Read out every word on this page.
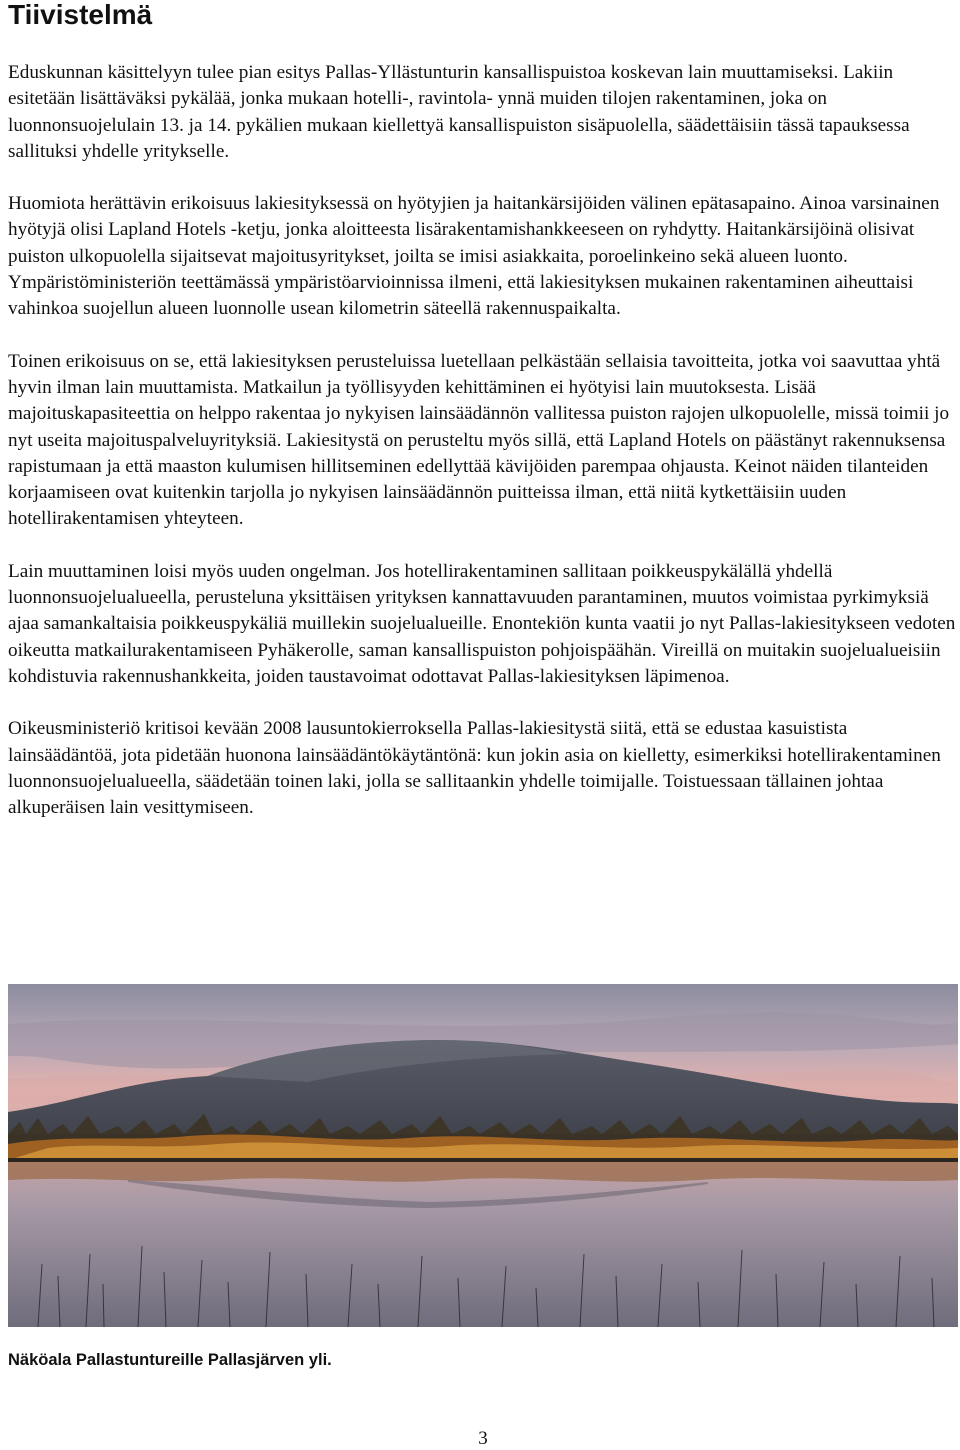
Tiivistelmä

Eduskunnan käsittelyyn tulee pian esitys Pallas-Yllästunturin kansallispuistoa koskevan lain muuttamiseksi. Lakiin esitetään lisättäväksi pykälää, jonka mukaan hotelli-, ravintola- ynnä muiden tilojen rakentaminen, joka on luonnonsuojelulain 13. ja 14. pykälien mukaan kiellettyä kansallispuiston sisäpuolella, säädettäisiin tässä tapauksessa sallituksi yhdelle yritykselle.

Huomiota herättävin erikoisuus lakiesityksessä on hyötyjien ja haitankärsijöiden välinen epätasapaino. Ainoa varsinainen hyötyjä olisi Lapland Hotels -ketju, jonka aloitteesta lisärakentamishankkeeseen on ryhdytty. Haitankärsijöinä olisivat puiston ulkopuolella sijaitsevat majoitusyritykset, joilta se imisi asiakkaita, poroelinkeino sekä alueen luonto. Ympäristöministeriön teettämässä ympäristöarvioinnissa ilmeni, että lakiesityksen mukainen rakentaminen aiheuttaisi vahinkoa suojellun alueen luonnolle usean kilometrin säteellä rakennuspaikalta.

Toinen erikoisuus on se, että lakiesityksen perusteluissa luetellaan pelkästään sellaisia tavoitteita, jotka voi saavuttaa yhtä hyvin ilman lain muuttamista. Matkailun ja työllisyyden kehittäminen ei hyötyisi lain muutoksesta. Lisää majoituskapasiteettia on helppo rakentaa jo nykyisen lainsäädännön vallitessa puiston rajojen ulkopuolelle, missä toimii jo nyt useita majoituspalveluyrityksiä. Lakiesitystä on perusteltu myös sillä, että Lapland Hotels on päästänyt rakennuksensa rapistumaan ja että maaston kulumisen hillitseminen edellyttää kävijöiden parempaa ohjausta. Keinot näiden tilanteiden korjaamiseen ovat kuitenkin tarjolla jo nykyisen lainsäädännön puitteissa ilman, että niitä kytkettäisiin uuden hotellirakentamisen yhteyteen.

Lain muuttaminen loisi myös uuden ongelman. Jos hotellirakentaminen sallitaan poikkeuspykälällä yhdellä luonnonsuojelualueella, perusteluna yksittäisen yrityksen kannattavuuden parantaminen, muutos voimistaa pyrkimyksiä ajaa samankaltaisia poikkeuspykäliä muillekin suojelualueille. Enontekiön kunta vaatii jo nyt Pallas-lakiesitykseen vedoten oikeutta matkailurakentamiseen Pyhäkerolle, saman kansallispuiston pohjoispäähän. Vireillä on muitakin suojelualueisiin kohdistuvia rakennushankkeita, joiden taustavoimat odottavat Pallas-lakiesityksen läpimenoa.

Oikeusministeriö kritisoi kevään 2008 lausuntokierroksella Pallas-lakiesitystä siitä, että se edustaa kasuistista lainsäädäntöä, jota pidetään huonona lainsäädäntökäytäntönä: kun jokin asia on kielletty, esimerkiksi hotellirakentaminen luonnonsuojelualueella, säädetään toinen laki, jolla se sallitaankin yhdelle toimijalle. Toistuessaan tällainen johtaa alkuperäisen lain vesittymiseen.

Näköala Pallastuntureille Pallasjärven yli.

3
